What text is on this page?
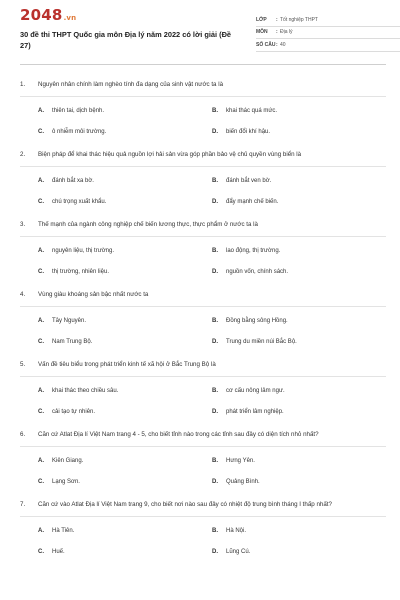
2048.vn
30 đề thi THPT Quốc gia môn Địa lý năm 2022 có lời giải (Đề 27)
LỚP	: Tốt nghiệp THPT
MÔN	: Địa lý
SỐ CÂU : 40
1.	Nguyên nhân chính làm nghèo tính đa dạng của sinh vật nước ta là
A.	thiên tai, dịch bệnh.	B.	khai thác quá mức.
C.	ô nhiễm môi trường.	D.	biến đổi khí hậu.
2.	Biện pháp để khai thác hiệu quả nguồn lợi hải sản vừa góp phần bảo vệ chủ quyền vùng biển là
A.	đánh bắt xa bờ.	B.	đánh bắt ven bờ.
C.	chú trọng xuất khẩu.	D.	đẩy mạnh chế biến.
3.	Thế mạnh của ngành công nghiệp chế biến lương thực, thực phẩm ở nước ta là
A.	nguyên liệu, thị trường.	B.	lao động, thị trường.
C.	thị trường, nhiên liệu.	D.	nguồn vốn, chính sách.
4.	Vùng giàu khoáng sản bậc nhất nước ta
A.	Tây Nguyên.	B.	Đồng bằng sông Hồng.
C.	Nam Trung Bộ.	D.	Trung du miền núi Bắc Bộ.
5.	Vấn đề tiêu biểu trong phát triển kinh tế xã hội ở Bắc Trung Bộ là
A.	khai thác theo chiều sâu.	B.	cơ cấu nông lâm ngư.
C.	cải tạo tự nhiên.	D.	phát triển lâm nghiệp.
6.	Căn cứ Atlat Địa lí Việt Nam trang 4 - 5, cho biết tỉnh nào trong các tỉnh sau đây có diện tích nhỏ nhất?
A.	Kiên Giang.	B.	Hưng Yên.
C.	Lạng Sơn.	D.	Quảng Bình.
7.	Căn cứ vào Atlat Địa lí Việt Nam trang 9, cho biết nơi nào sau đây có nhiệt độ trung bình tháng I thấp nhất?
A.	Hà Tiên.	B.	Hà Nội.
C.	Huế.	D.	Lũng Cú.
